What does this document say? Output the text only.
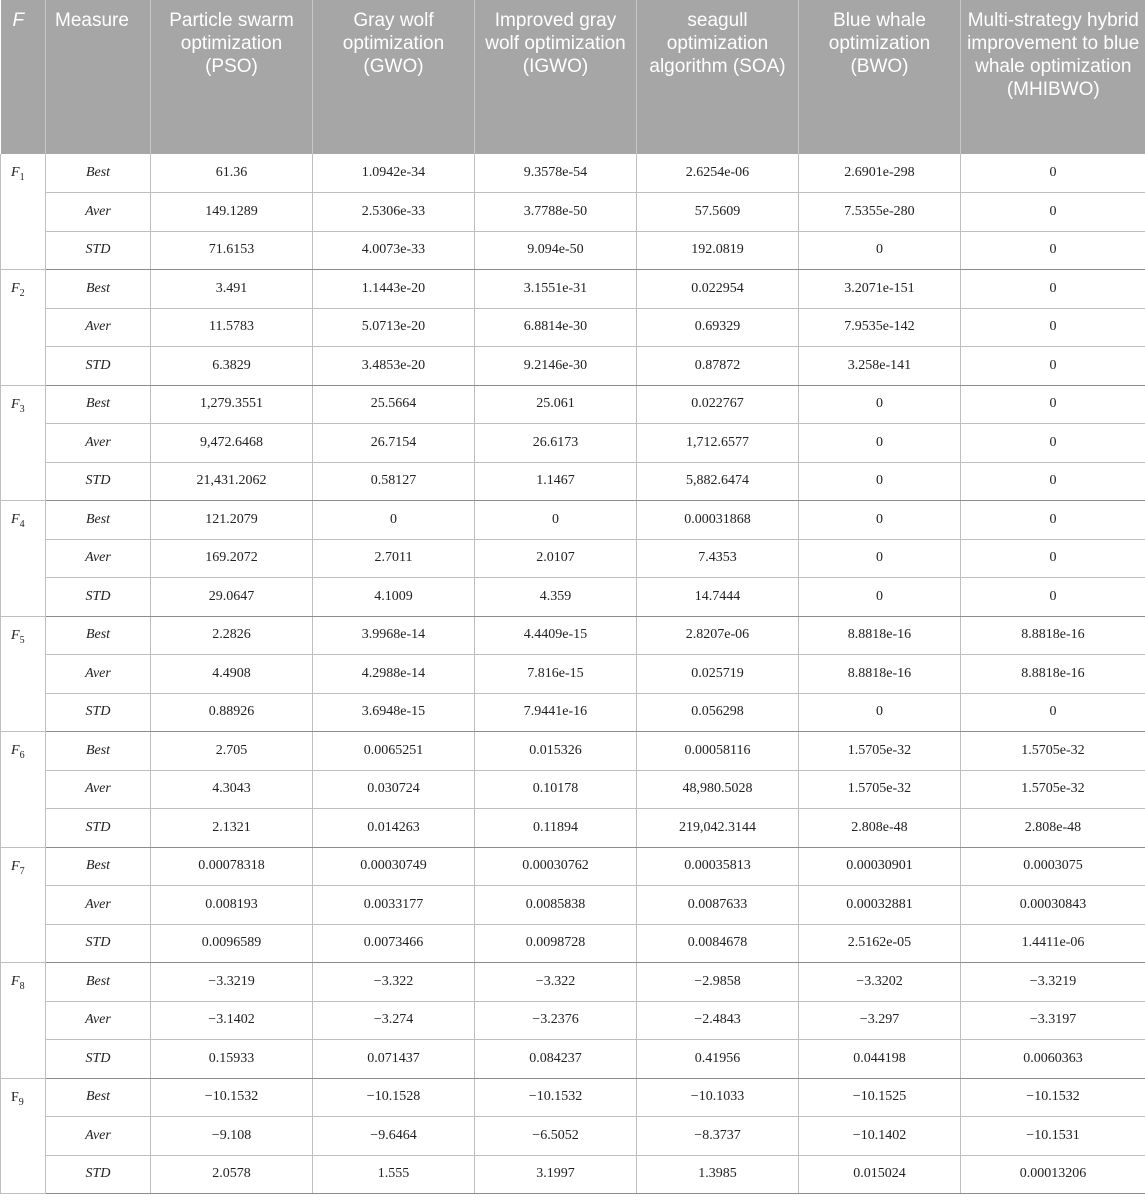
F	Measure	Particle swarm optimization (PSO)	Gray wolf optimization (GWO)	Improved gray wolf optimization (IGWO)	seagull optimization algorithm (SOA)	Blue whale optimization (BWO)	Multi-strategy hybrid improvement to blue whale optimization (MHIBWO)
$F_1$	Best	61.36	1.0942e-34	9.3578e-54	2.6254e-06	2.6901e-298	0
	Aver	149.1289	2.5306e-33	3.7788e-50	57.5609	7.5355e-280	0
	STD	71.6153	4.0073e-33	9.094e-50	192.0819	0	0
$F_2$	Best	3.491	1.1443e-20	3.1551e-31	0.022954	3.2071e-151	0
	Aver	11.5783	5.0713e-20	6.8814e-30	0.69329	7.9535e-142	0
	STD	6.3829	3.4853e-20	9.2146e-30	0.87872	3.258e-141	0
$F_3$	Best	1,279.3551	25.5664	25.061	0.022767	0	0
	Aver	9,472.6468	26.7154	26.6173	1,712.6577	0	0
	STD	21,431.2062	0.58127	1.1467	5,882.6474	0	0
$F_4$	Best	121.2079	0	0	0.00031868	0	0
	Aver	169.2072	2.7011	2.0107	7.4353	0	0
	STD	29.0647	4.1009	4.359	14.7444	0	0
$F_5$	Best	2.2826	3.9968e-14	4.4409e-15	2.8207e-06	8.8818e-16	8.8818e-16
	Aver	4.4908	4.2988e-14	7.816e-15	0.025719	8.8818e-16	8.8818e-16
	STD	0.88926	3.6948e-15	7.9441e-16	0.056298	0	0
$F_6$	Best	2.705	0.0065251	0.015326	0.00058116	1.5705e-32	1.5705e-32
	Aver	4.3043	0.030724	0.10178	48,980.5028	1.5705e-32	1.5705e-32
	STD	2.1321	0.014263	0.11894	219,042.3144	2.808e-48	2.808e-48
$F_7$	Best	0.00078318	0.00030749	0.00030762	0.00035813	0.00030901	0.0003075
	Aver	0.008193	0.0033177	0.0085838	0.0087633	0.00032881	0.00030843
	STD	0.0096589	0.0073466	0.0098728	0.0084678	2.5162e-05	1.4411e-06
$F_8$	Best	−3.3219	−3.322	−3.322	−2.9858	−3.3202	−3.3219
	Aver	−3.1402	−3.274	−3.2376	−2.4843	−3.297	−3.3197
	STD	0.15933	0.071437	0.084237	0.41956	0.044198	0.0060363
$F_9$	Best	−10.1532	−10.1528	−10.1532	−10.1033	−10.1525	−10.1532
	Aver	−9.108	−9.6464	−6.5052	−8.3737	−10.1402	−10.1531
	STD	2.0578	1.555	3.1997	1.3985	0.015024	0.00013206
